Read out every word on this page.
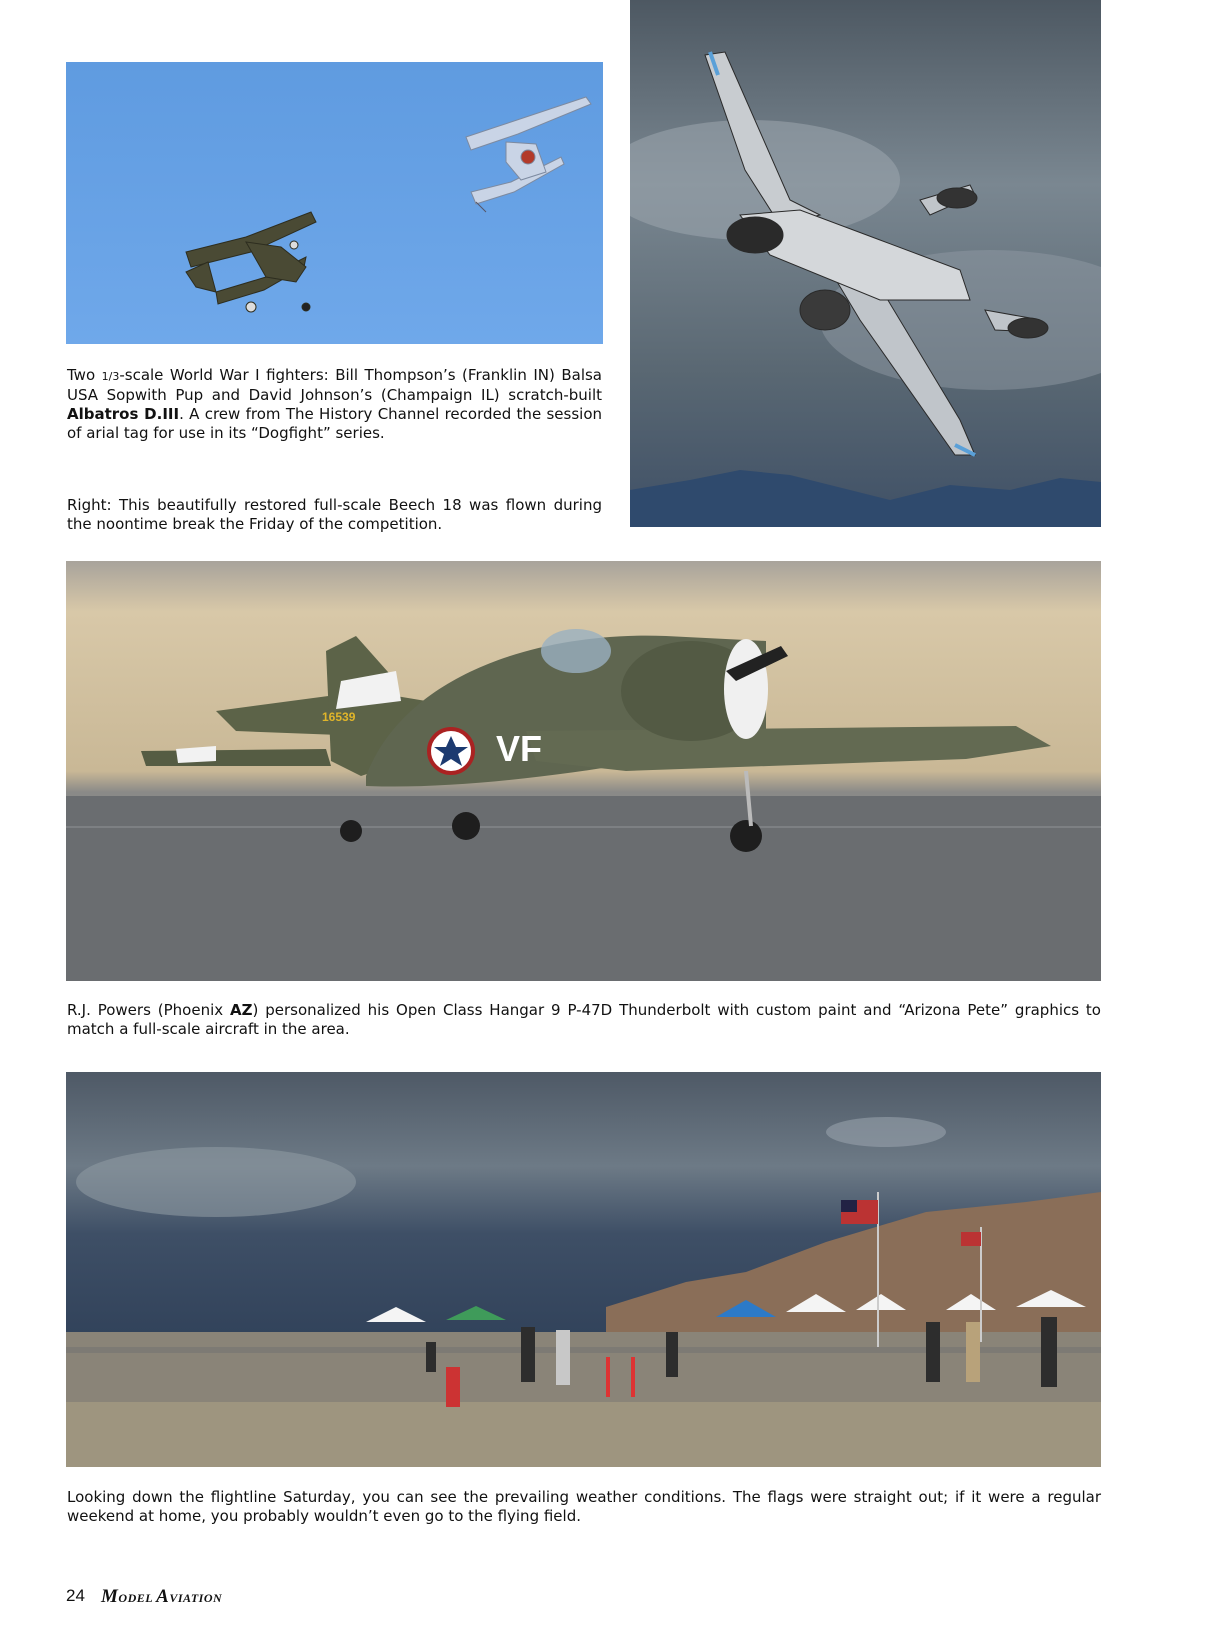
Two 1/3-scale World War I fighters: Bill Thompson’s (Franklin IN) Balsa USA Sopwith Pup and David Johnson’s (Champaign IL) scratch-built Albatros D.III. A crew from The History Channel recorded the session of arial tag for use in its “Dogfight” series.
Right: This beautifully restored full-scale Beech 18 was flown during the noontime break the Friday of the competition.
16539
VF
R.J. Powers (Phoenix AZ) personalized his Open Class Hangar 9 P-47D Thunderbolt with custom paint and “Arizona Pete” graphics to match a full-scale aircraft in the area.
Looking down the flightline Saturday, you can see the prevailing weather conditions. The flags were straight out; if it were a regular weekend at home, you probably wouldn’t even go to the flying field.
24 MODEL AVIATION
